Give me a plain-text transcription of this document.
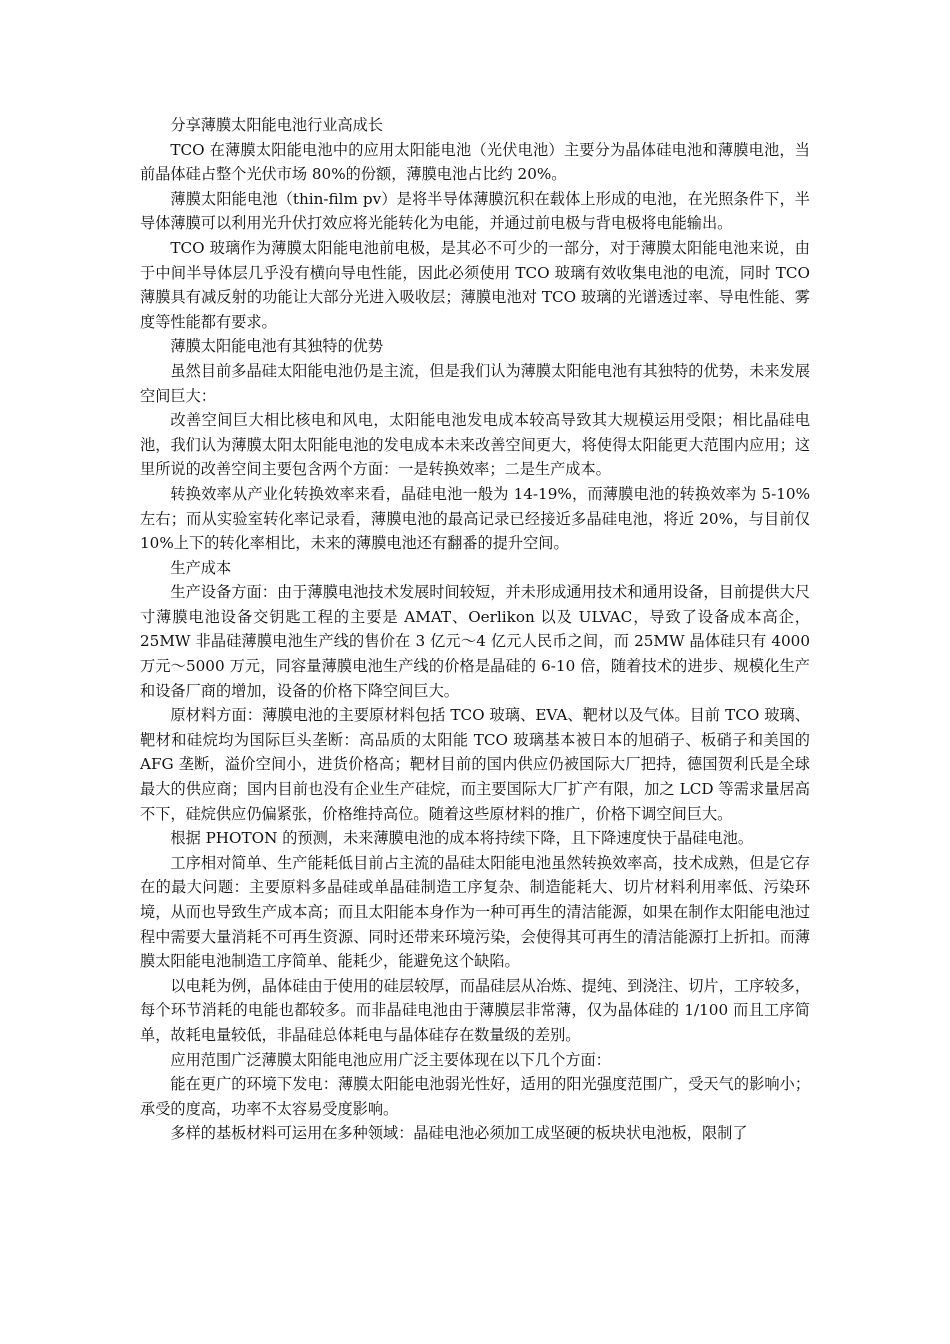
分享薄膜太阳能电池行业高成长

TCO 在薄膜太阳能电池中的应用太阳能电池（光伏电池）主要分为晶体硅电池和薄膜电池，当前晶体硅占整个光伏市场 80%的份额，薄膜电池占比约 20%。

薄膜太阳能电池（thin-film pv）是将半导体薄膜沉积在载体上形成的电池，在光照条件下，半导体薄膜可以利用光升伏打效应将光能转化为电能，并通过前电极与背电极将电能输出。

TCO 玻璃作为薄膜太阳能电池前电极，是其必不可少的一部分，对于薄膜太阳能电池来说，由于中间半导体层几乎没有横向导电性能，因此必须使用 TCO 玻璃有效收集电池的电流，同时 TCO 薄膜具有减反射的功能让大部分光进入吸收层；薄膜电池对 TCO 玻璃的光谱透过率、导电性能、雾度等性能都有要求。

薄膜太阳能电池有其独特的优势

虽然目前多晶硅太阳能电池仍是主流，但是我们认为薄膜太阳能电池有其独特的优势，未来发展空间巨大：

改善空间巨大相比核电和风电，太阳能电池发电成本较高导致其大规模运用受限；相比晶硅电池，我们认为薄膜太阳太阳能电池的发电成本未来改善空间更大，将使得太阳能更大范围内应用；这里所说的改善空间主要包含两个方面：一是转换效率；二是生产成本。

转换效率从产业化转换效率来看，晶硅电池一般为 14-19%，而薄膜电池的转换效率为 5-10%左右；而从实验室转化率记录看，薄膜电池的最高记录已经接近多晶硅电池，将近 20%，与目前仅 10%上下的转化率相比，未来的薄膜电池还有翻番的提升空间。

生产成本

生产设备方面：由于薄膜电池技术发展时间较短，并未形成通用技术和通用设备，目前提供大尺寸薄膜电池设备交钥匙工程的主要是 AMAT、Oerlikon 以及 ULVAC，导致了设备成本高企，25MW 非晶硅薄膜电池生产线的售价在 3 亿元～4 亿元人民币之间，而 25MW 晶体硅只有 4000 万元～5000 万元，同容量薄膜电池生产线的价格是晶硅的 6-10 倍，随着技术的进步、规模化生产和设备厂商的增加，设备的价格下降空间巨大。

原材料方面：薄膜电池的主要原材料包括 TCO 玻璃、EVA、靶材以及气体。目前 TCO 玻璃、靶材和硅烷均为国际巨头垄断：高品质的太阳能 TCO 玻璃基本被日本的旭硝子、板硝子和美国的 AFG 垄断，溢价空间小，进货价格高；靶材目前的国内供应仍被国际大厂把持，德国贺利氏是全球最大的供应商；国内目前也没有企业生产硅烷，而主要国际大厂扩产有限，加之 LCD 等需求量居高不下，硅烷供应仍偏紧张，价格维持高位。随着这些原材料的推广，价格下调空间巨大。

根据 PHOTON 的预测，未来薄膜电池的成本将持续下降，且下降速度快于晶硅电池。

工序相对简单、生产能耗低目前占主流的晶硅太阳能电池虽然转换效率高，技术成熟，但是它存在的最大问题：主要原料多晶硅或单晶硅制造工序复杂、制造能耗大、切片材料利用率低、污染环境，从而也导致生产成本高；而且太阳能本身作为一种可再生的清洁能源，如果在制作太阳能电池过程中需要大量消耗不可再生资源、同时还带来环境污染，会使得其可再生的清洁能源打上折扣。而薄膜太阳能电池制造工序简单、能耗少，能避免这个缺陷。

以电耗为例，晶体硅由于使用的硅层较厚，而晶硅层从冶炼、提纯、到浇注、切片，工序较多，每个环节消耗的电能也都较多。而非晶硅电池由于薄膜层非常薄，仅为晶体硅的 1/100 而且工序简单，故耗电量较低，非晶硅总体耗电与晶体硅存在数量级的差别。

应用范围广泛薄膜太阳能电池应用广泛主要体现在以下几个方面：

能在更广的环境下发电：薄膜太阳能电池弱光性好，适用的阳光强度范围广，受天气的影响小；承受的度高，功率不太容易受度影响。

多样的基板材料可运用在多种领域：晶硅电池必须加工成坚硬的板块状电池板，限制了
